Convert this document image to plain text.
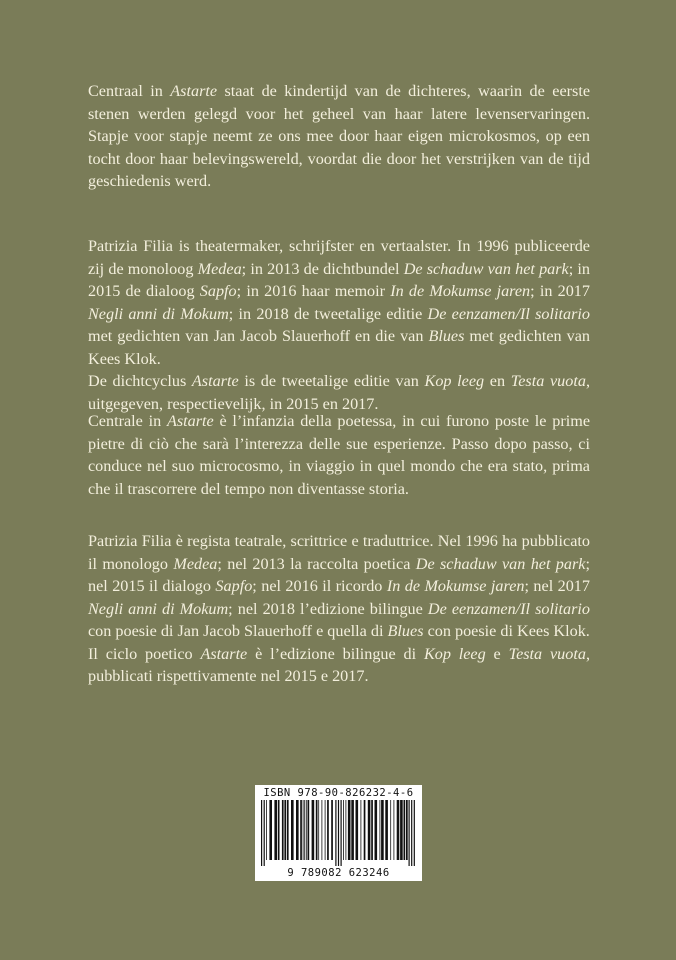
Centraal in Astarte staat de kindertijd van de dichteres, waarin de eerste stenen werden gelegd voor het geheel van haar latere levenservaringen. Stapje voor stapje neemt ze ons mee door haar eigen microkosmos, op een tocht door haar belevingswereld, voordat die door het verstrijken van de tijd geschiedenis werd.

Patrizia Filia is theatermaker, schrijfster en vertaalster. In 1996 publiceerde zij de monoloog Medea; in 2013 de dichtbundel De schaduw van het park; in 2015 de dialoog Sapfo; in 2016 haar memoir In de Mokumse jaren; in 2017 Negli anni di Mokum; in 2018 de tweetalige editie De eenzamen/Il solitario met gedichten van Jan Jacob Slauerhoff en die van Blues met gedichten van Kees Klok.

De dichtcyclus Astarte is de tweetalige editie van Kop leeg en Testa vuota, uitgegeven, respectievelijk, in 2015 en 2017.

Centrale in Astarte è l’infanzia della poetessa, in cui furono poste le prime pietre di ciò che sarà l’interezza delle sue esperienze. Passo dopo passo, ci conduce nel suo microcosmo, in viaggio in quel mondo che era stato, prima che il trascorrere del tempo non diventasse storia.

Patrizia Filia è regista teatrale, scrittrice e traduttrice. Nel 1996 ha pubblicato il monologo Medea; nel 2013 la raccolta poetica De schaduw van het park; nel 2015 il dialogo Sapfo; nel 2016 il ricordo In de Mokumse jaren; nel 2017 Negli anni di Mokum; nel 2018 l’edizione bilingue De eenzamen/Il solitario con poesie di Jan Jacob Slauerhoff e quella di Blues con poesie di Kees Klok.

Il ciclo poetico Astarte è l’edizione bilingue di Kop leeg e Testa vuota, pubblicati rispettivamente nel 2015 e 2017.

ISBN 978-90-826232-4-6
9 789082 623246
